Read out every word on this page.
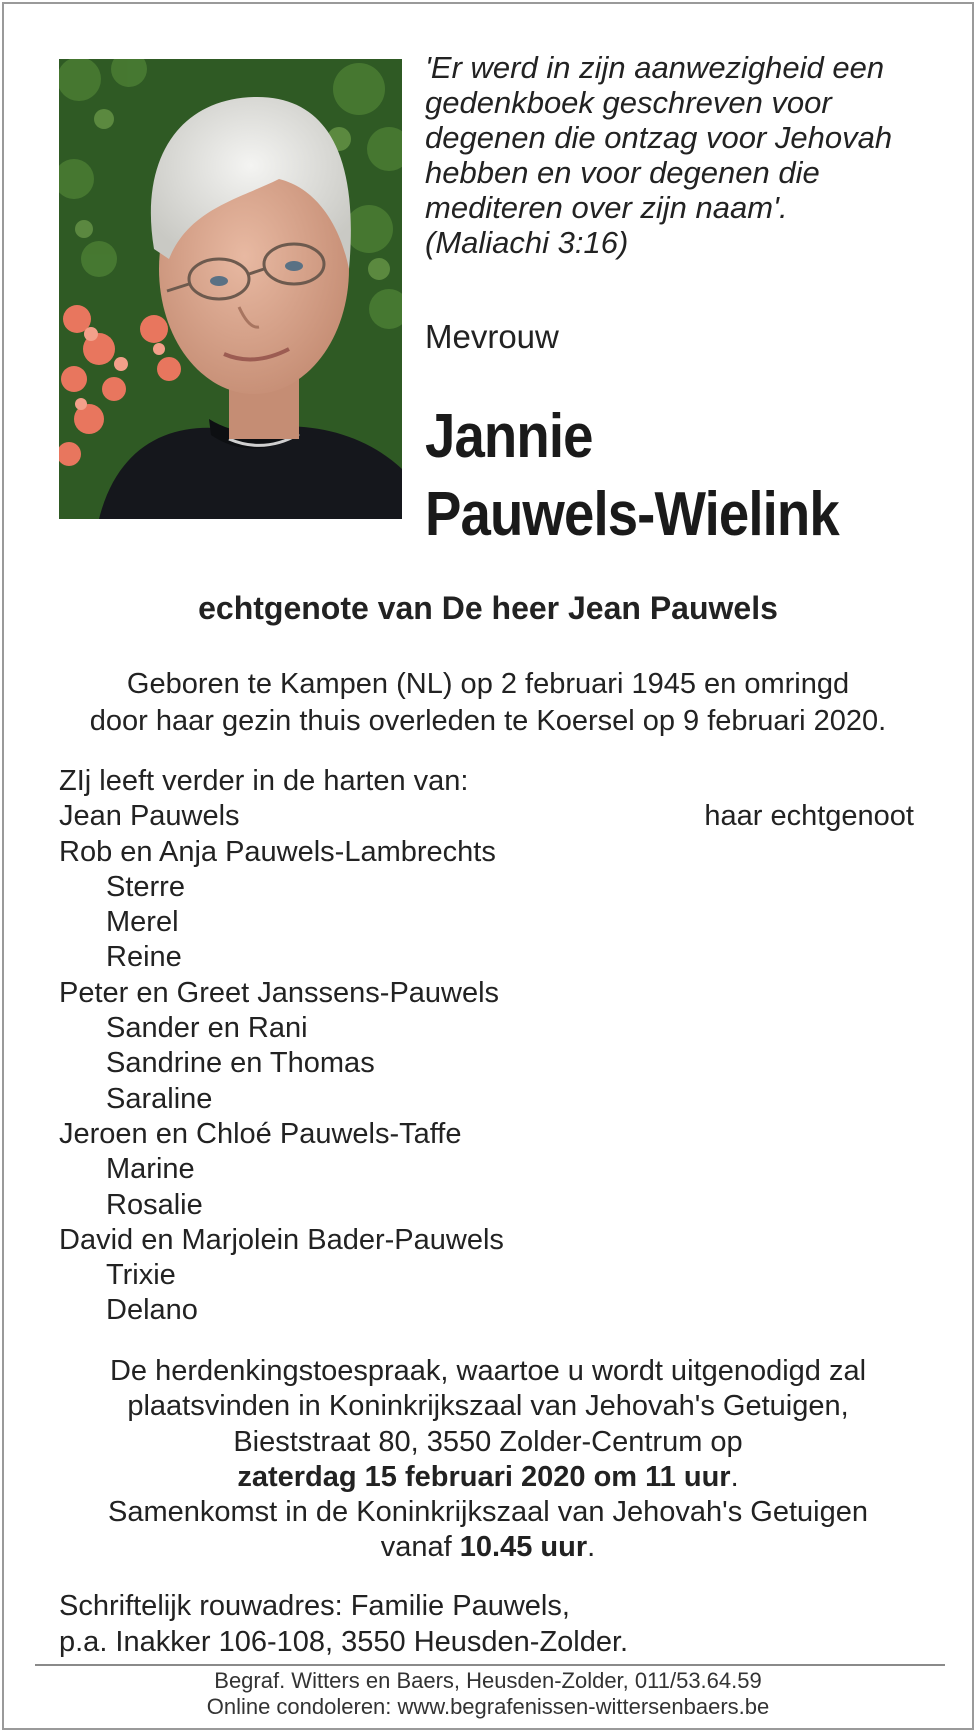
'Er werd in zijn aanwezigheid een
gedenkboek geschreven voor
degenen die ontzag voor Jehovah
hebben en voor degenen die
mediteren over zijn naam'.
(Maliachi 3:16)
Mevrouw
Jannie
Pauwels-Wielink
echtgenote van De heer Jean Pauwels
Geboren te Kampen (NL) op 2 februari 1945 en omringd
door haar gezin thuis overleden te Koersel op 9 februari 2020.
ZIj leeft verder in de harten van:
Jean Pauwels	haar echtgenoot
Rob en Anja Pauwels-Lambrechts
Sterre
Merel
Reine
Peter en Greet Janssens-Pauwels
Sander en Rani
Sandrine en Thomas
Saraline
Jeroen en Chloé Pauwels-Taffe
Marine
Rosalie
David en Marjolein Bader-Pauwels
Trixie
Delano
De herdenkingstoespraak, waartoe u wordt uitgenodigd zal
plaatsvinden in Koninkrijkszaal van Jehovah's Getuigen,
Bieststraat 80, 3550 Zolder-Centrum op
zaterdag 15 februari 2020 om 11 uur.
Samenkomst in de Koninkrijkszaal van Jehovah's Getuigen
vanaf 10.45 uur.
Schriftelijk rouwadres: Familie Pauwels,
p.a. Inakker 106-108, 3550 Heusden-Zolder.
Begraf. Witters en Baers, Heusden-Zolder, 011/53.64.59
Online condoleren: www.begrafenissen-wittersenbaers.be
